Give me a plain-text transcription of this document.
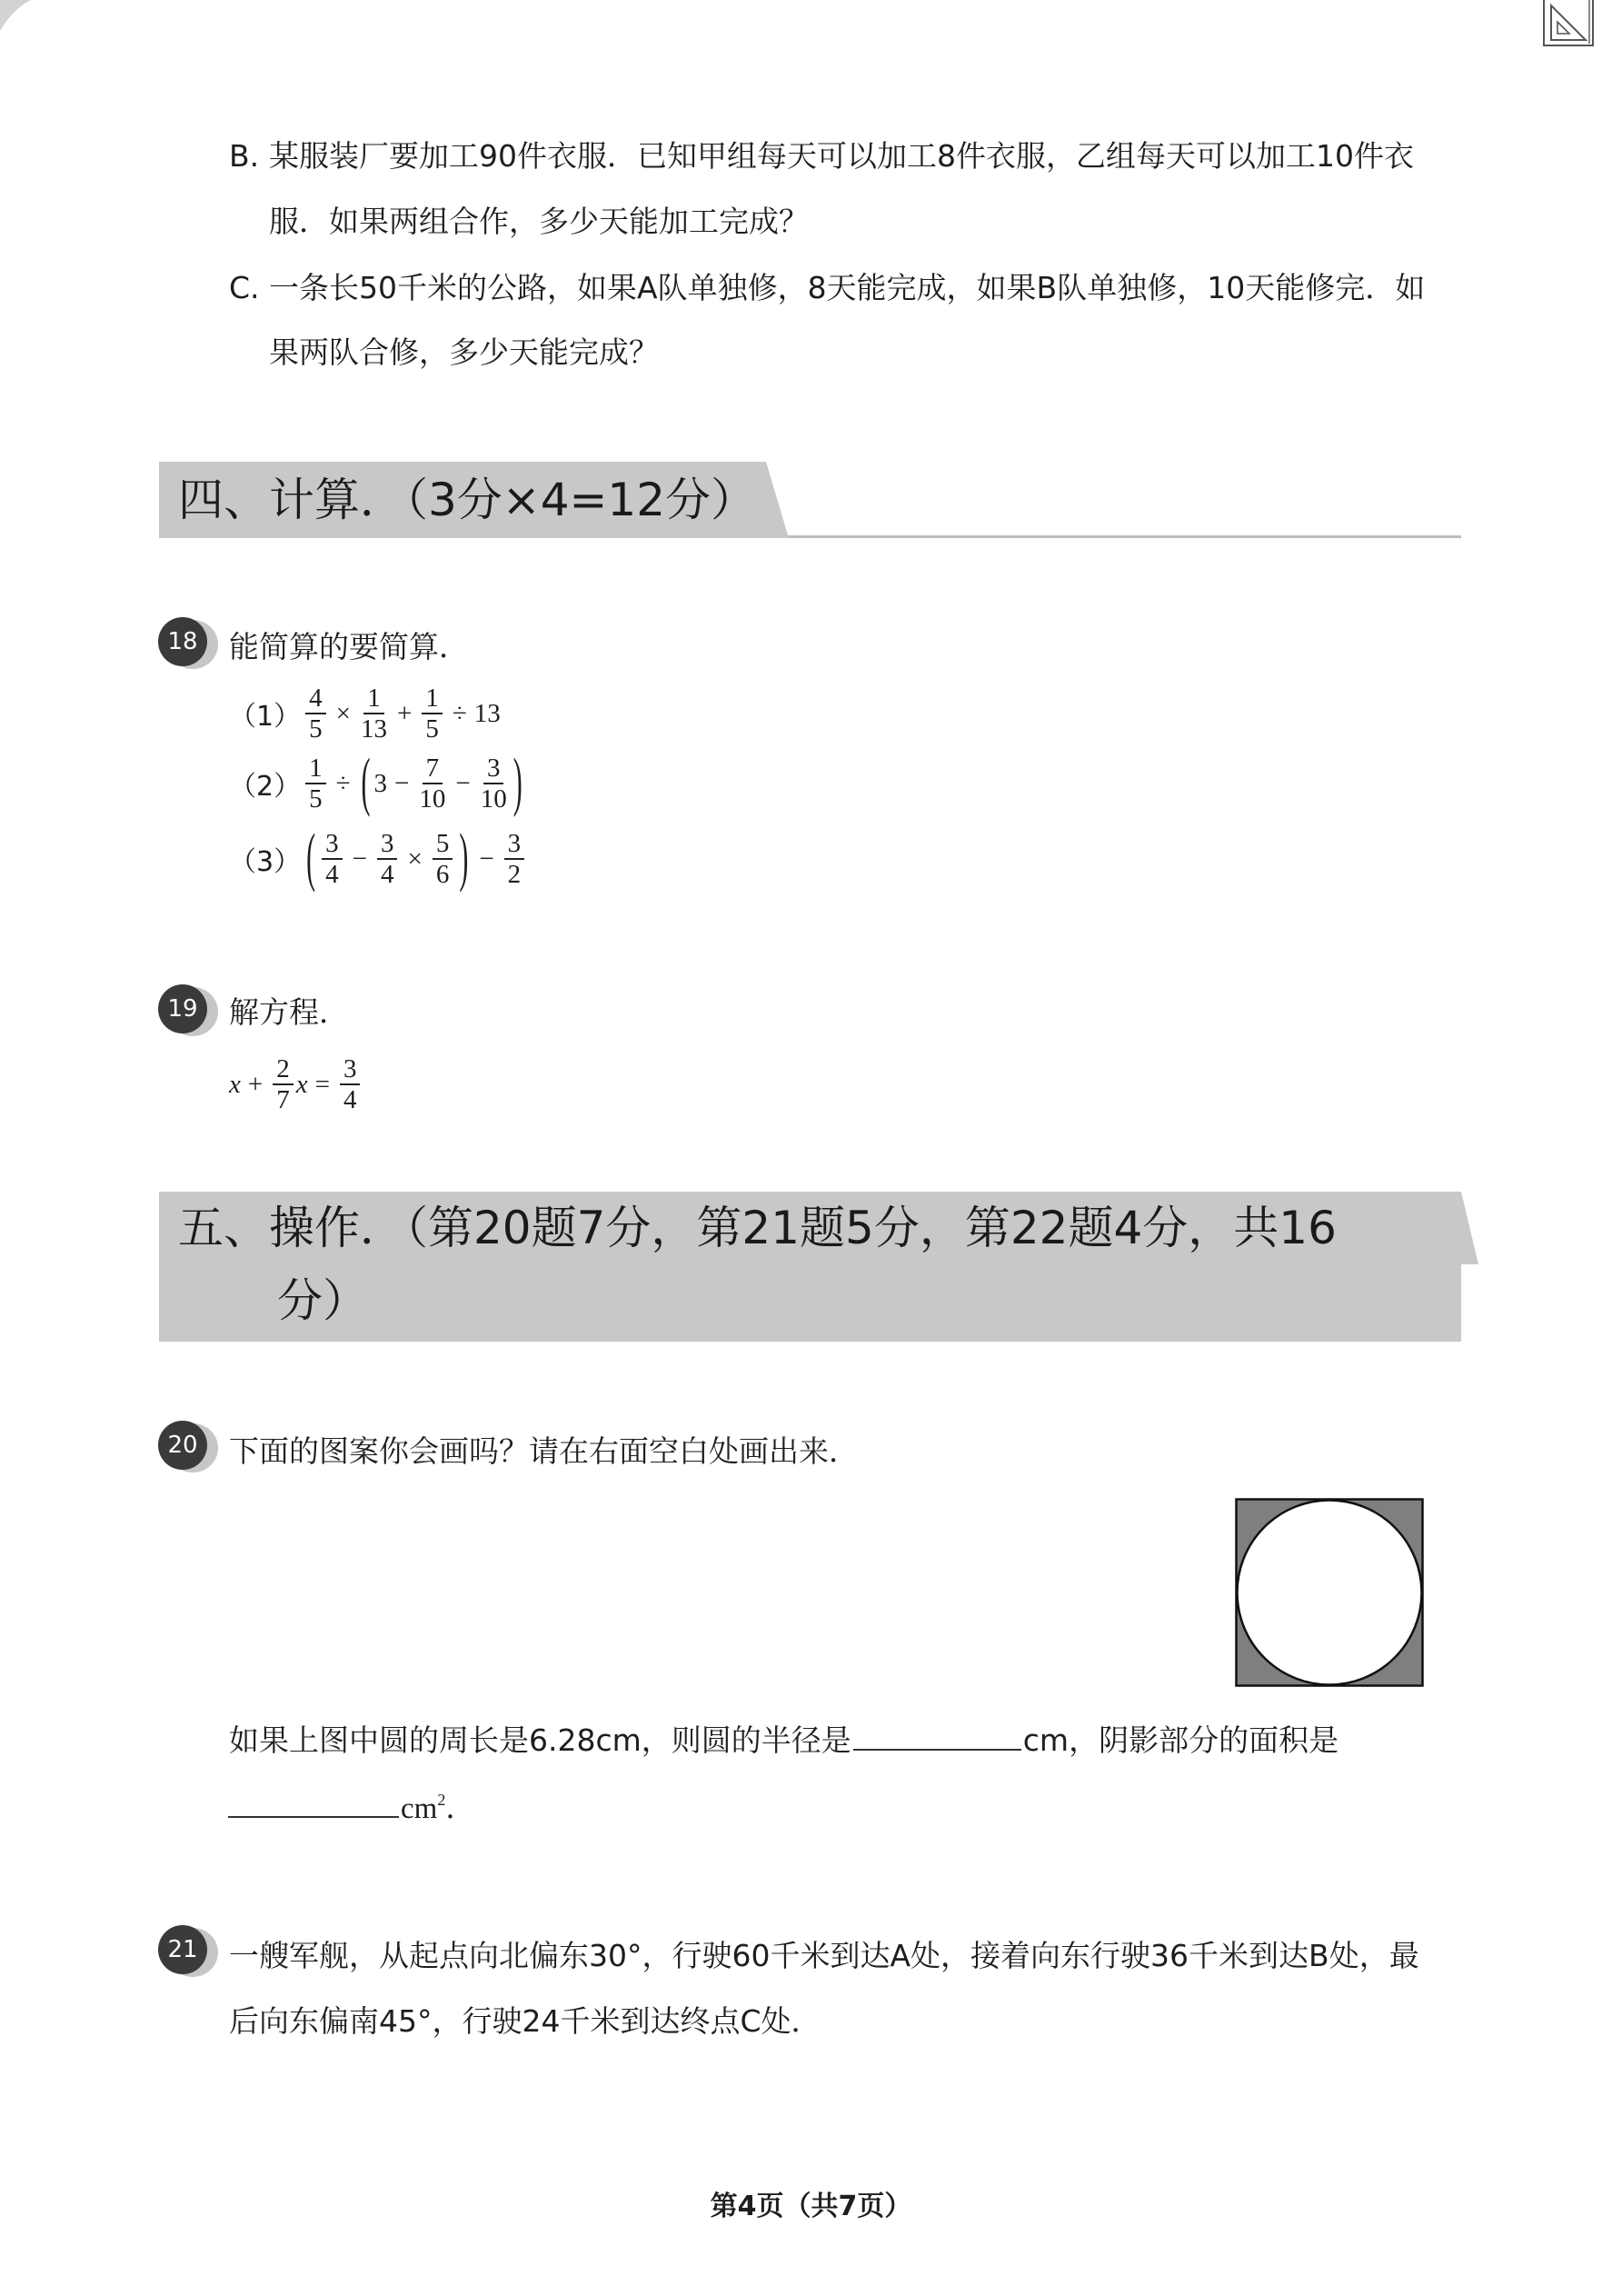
B. 某服装厂要加工90件衣服．已知甲组每天可以加工8件衣服，乙组每天可以加工10件衣
服．如果两组合作，多少天能加工完成？
C. 一条长50千米的公路，如果A队单独修，8天能完成，如果B队单独修，10天能修完．如
果两队合修，多少天能完成？
四、计算．（3分×4=12分）
18	能简算的要简算．
$(1) \frac{4}{5} \times \frac{1}{13} + \frac{1}{5} \div 13$
$(2) \frac{1}{5}$ ÷ ( $3 - \frac{7}{10} - \frac{3}{10}$ )
（3） ( $\frac{3}{4} - \frac{3}{4} \times \frac{5}{6}$ ) − $\frac{3}{2}$
19	解方程．
$x + \frac{2}{7}$ $x = \frac{3}{4}$
五、操作．（第20题7分，第21题5分，第22题4分，共16
分）
20	下面的图案你会画吗？请在右面空白处画出来．
如果上图中圆的周长是6.28cm，则圆的半径是	cm，阴影部分的面积是
$cm^2$．
21	一艘军舰，从起点向北偏东30°，行驶60千米到达A处，接着向东行驶36千米到达B处，最
后向东偏南45°，行驶24千米到达终点C处．
第4页（共7页）
